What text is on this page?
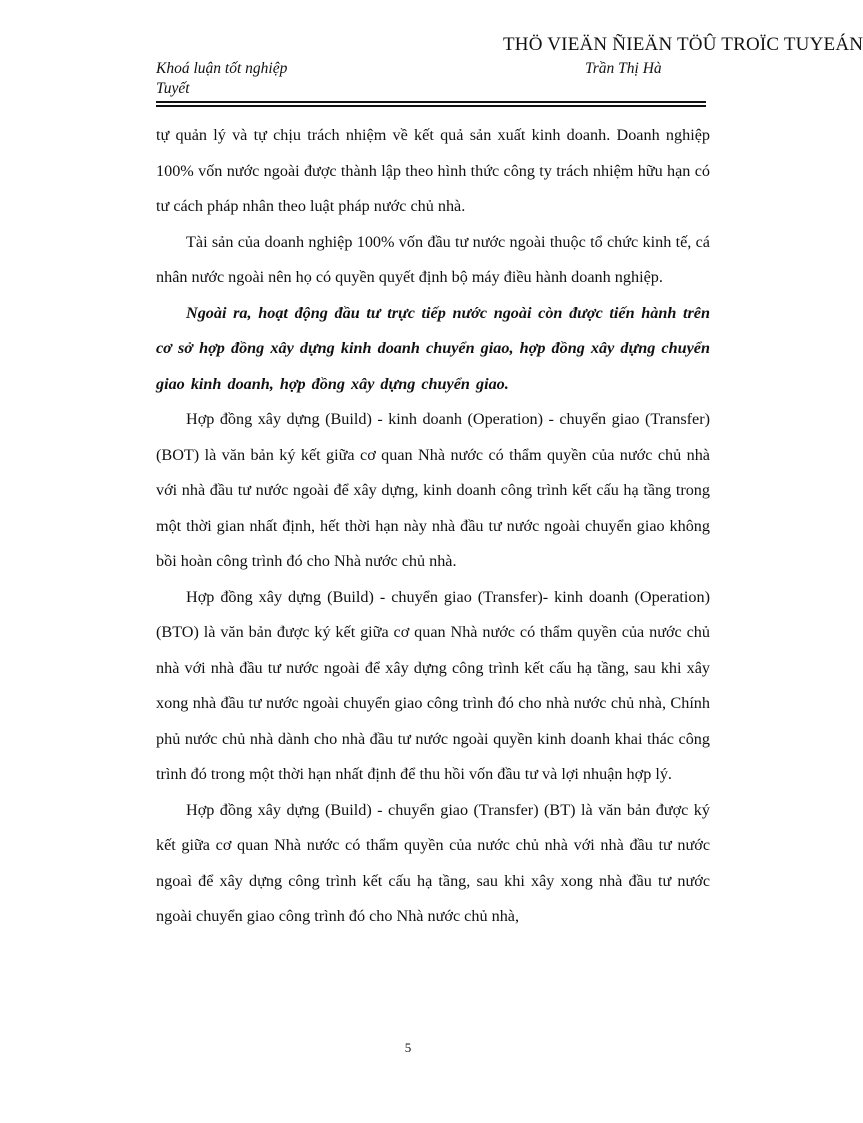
THÖ VIEÄN ÑIEÄN TÖÛ TROÏC TUYEÁN
Khoá luận tốt nghiệp	Trần Thị Hà
Tuyết

tự quản lý và tự chịu trách nhiệm về kết quả sản xuất kinh doanh. Doanh nghiệp 100% vốn nước ngoài được thành lập theo hình thức công ty trách nhiệm hữu hạn có tư cách pháp nhân theo luật pháp nước chủ nhà.

Tài sản của doanh nghiệp 100% vốn đầu tư nước ngoài thuộc tổ chức kinh tế, cá nhân nước ngoài nên họ có quyền quyết định bộ máy điều hành doanh nghiệp.

Ngoài ra, hoạt động đầu tư trực tiếp nước ngoài còn được tiến hành trên cơ sở hợp đồng xây dựng kinh doanh chuyển giao, hợp đồng xây dựng chuyển giao kinh doanh, hợp đồng xây dựng chuyển giao.

Hợp đồng xây dựng (Build) - kinh doanh (Operation) - chuyển giao (Transfer) (BOT) là văn bản ký kết giữa cơ quan Nhà nước có thẩm quyền của nước chủ nhà với nhà đầu tư nước ngoài để xây dựng, kinh doanh công trình kết cấu hạ tầng trong một thời gian nhất định, hết thời hạn này nhà đầu tư nước ngoài chuyển giao không bồi hoàn công trình đó cho Nhà nước chủ nhà.

Hợp đồng xây dựng (Build) - chuyển giao (Transfer)- kinh doanh (Operation) (BTO) là văn bản được ký kết giữa cơ quan Nhà nước có thẩm quyền của nước chủ nhà với nhà đầu tư nước ngoài để xây dựng công trình kết cấu hạ tầng, sau khi xây xong nhà đầu tư nước ngoài chuyển giao công trình đó cho nhà nước chủ nhà, Chính phủ nước chủ nhà dành cho nhà đầu tư nước ngoài quyền kinh doanh khai thác công trình đó trong một thời hạn nhất định để thu hồi vốn đầu tư và lợi nhuận hợp lý.

Hợp đồng xây dựng (Build) - chuyển giao (Transfer) (BT) là văn bản được ký kết giữa cơ quan Nhà nước có thẩm quyền của nước chủ nhà với nhà đầu tư nước ngoaì để xây dựng công trình kết cấu hạ tầng, sau khi xây xong nhà đầu tư nước ngoài chuyển giao công trình đó cho Nhà nước chủ nhà,

5
